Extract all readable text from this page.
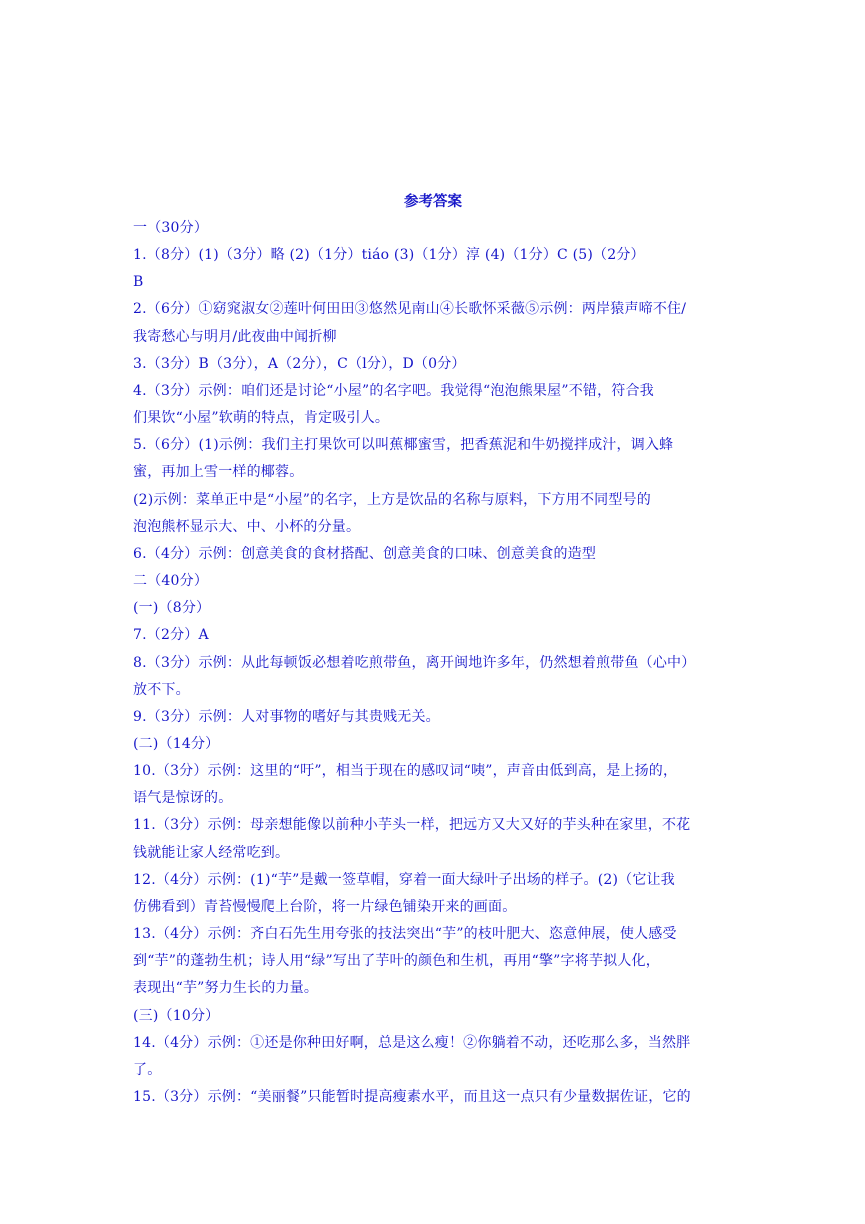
参考答案
一（30分）
1.（8分）(1)（3分）略 (2)（1分）tiáo (3)（1分）淳 (4)（1分）C (5)（2分）
B
2.（6分）①窈窕淑女②莲叶何田田③悠然见南山④长歌怀采薇⑤示例：两岸猿声啼不住/
我寄愁心与明月/此夜曲中闻折柳
3.（3分）B（3分），A（2分），C（l分），D（0分）
4.（3分）示例：咱们还是讨论“小屋”的名字吧。我觉得“泡泡熊果屋”不错，符合我
们果饮“小屋”软萌的特点，肯定吸引人。
5.（6分）(1)示例：我们主打果饮可以叫蕉椰蜜雪，把香蕉泥和牛奶搅拌成汁，调入蜂
蜜，再加上雪一样的椰蓉。
(2)示例：菜单正中是“小屋”的名字，上方是饮品的名称与原料，下方用不同型号的
泡泡熊杯显示大、中、小杯的分量。
6.（4分）示例：创意美食的食材搭配、创意美食的口味、创意美食的造型
二（40分）
(一)（8分）
7.（2分）A
8.（3分）示例：从此每顿饭必想着吃煎带鱼，离开闽地许多年，仍然想着煎带鱼（心中）
放不下。
9.（3分）示例：人对事物的嗜好与其贵贱无关。
(二)（14分）
10.（3分）示例：这里的“吁”，相当于现在的感叹词“咦”，声音由低到高，是上扬的，
语气是惊讶的。
11.（3分）示例：母亲想能像以前种小芋头一样，把远方又大又好的芋头种在家里，不花
钱就能让家人经常吃到。
12.（4分）示例：(1)“芋”是戴一签草帽，穿着一面大绿叶子出场的样子。(2)（它让我
仿佛看到）青苔慢慢爬上台阶，将一片绿色铺染开来的画面。
13.（4分）示例：齐白石先生用夸张的技法突出“芋”的枝叶肥大、恣意伸展，使人感受
到“芋”的蓬勃生机；诗人用“绿”写出了芋叶的颜色和生机，再用“擎”字将芋拟人化，
表现出“芋”努力生长的力量。
(三)（10分）
14.（4分）示例：①还是你种田好啊，总是这么瘦！②你躺着不动，还吃那么多，当然胖
了。
15.（3分）示例：“美丽餐”只能暂时提高瘦素水平，而且这一点只有少量数据佐证，它的
